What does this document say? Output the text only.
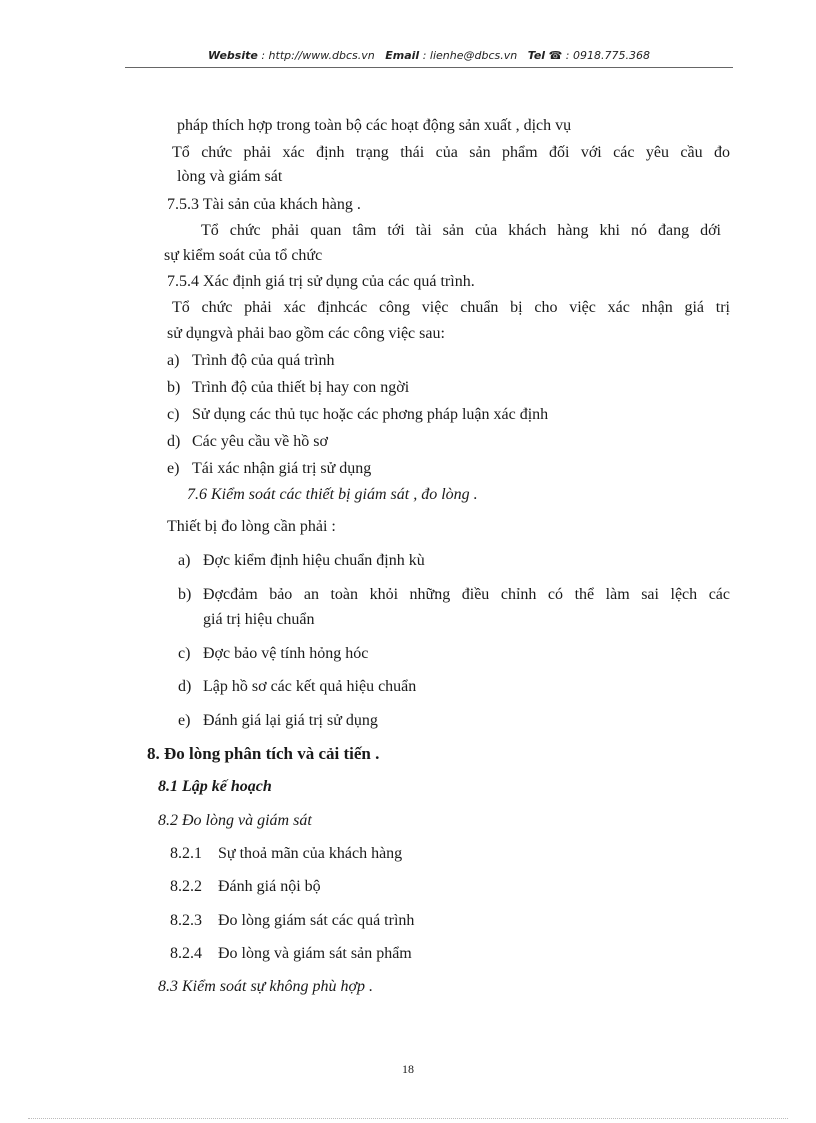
Website : http://www.dbcs.vn Email : lienhe@dbcs.vn Tel ☎ : 0918.775.368
pháp thích hợp trong toàn bộ các hoạt động sản xuất , dịch vụ
Tổ chức phải xác định trạng thái của sản phẩm đối với các yêu cầu đo
lòng và giám sát
7.5.3 Tài sản của khách hàng .
Tổ chức phải quan tâm tới tài sản của khách hàng khi nó đang dới
sự kiểm soát của tổ chức
7.5.4 Xác định giá trị sử dụng của các quá trình.
Tổ chức phải xác địnhcác công việc chuẩn bị cho việc xác nhận giá trị
sử dụngvà phải bao gồm các công việc sau:
a) Trình độ của quá trình
b) Trình độ của thiết bị hay con ngời
c) Sử dụng các thủ tục hoặc các phơng pháp luận xác định
d) Các yêu cầu về hồ sơ
e) Tái xác nhận giá trị sử dụng
7.6 Kiểm soát các thiết bị giám sát , đo lòng .
Thiết bị đo lòng cần phải :
a) Đợc kiểm định hiệu chuẩn định kù
b) Đợcđảm bảo an toàn khỏi những điều chỉnh có thể làm sai lệch các
giá trị hiệu chuẩn
c) Đợc bảo vệ tính hỏng hóc
d) Lập hồ sơ các kết quả hiệu chuẩn
e) Đánh giá lại giá trị sử dụng
8. Đo lòng phân tích và cải tiến .
8.1 Lập kế hoạch
8.2 Đo lòng và giám sát
8.2.1 Sự thoả mãn của khách hàng
8.2.2 Đánh giá nội bộ
8.2.3 Đo lòng giám sát các quá trình
8.2.4 Đo lòng và giám sát sản phẩm
8.3 Kiểm soát sự không phù hợp .
18
